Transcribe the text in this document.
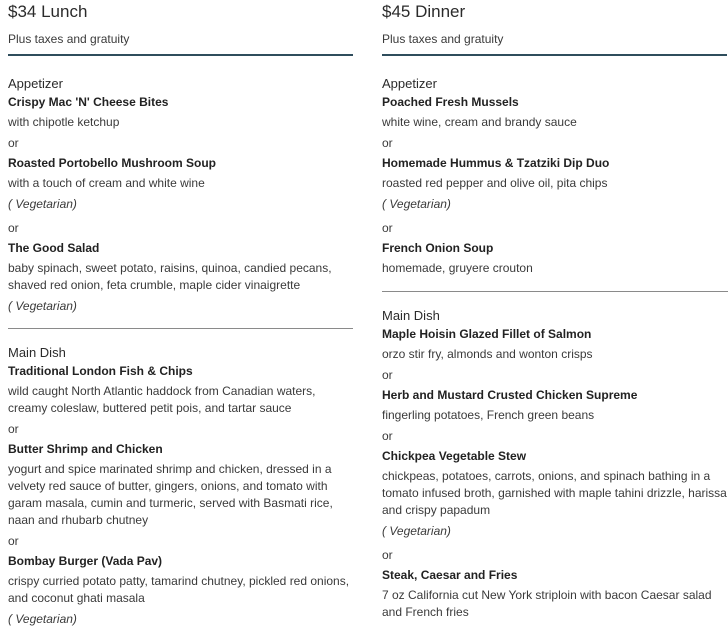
$34 Lunch
Plus taxes and gratuity
Appetizer
Crispy Mac 'N' Cheese Bites
with chipotle ketchup
or
Roasted Portobello Mushroom Soup
with a touch of cream and white wine
( Vegetarian)
or
The Good Salad
baby spinach, sweet potato, raisins, quinoa, candied pecans, shaved red onion, feta crumble, maple cider vinaigrette
( Vegetarian)
Main Dish
Traditional London Fish & Chips
wild caught North Atlantic haddock from Canadian waters, creamy coleslaw, buttered petit pois, and tartar sauce
or
Butter Shrimp and Chicken
yogurt and spice marinated shrimp and chicken, dressed in a velvety red sauce of butter, gingers, onions, and tomato with garam masala, cumin and turmeric, served with Basmati rice, naan and rhubarb chutney
or
Bombay Burger (Vada Pav)
crispy curried potato patty, tamarind chutney, pickled red onions, and coconut ghati masala
( Vegetarian)
$45 Dinner
Plus taxes and gratuity
Appetizer
Poached Fresh Mussels
white wine, cream and brandy sauce
or
Homemade Hummus & Tzatziki Dip Duo
roasted red pepper and olive oil, pita chips
( Vegetarian)
or
French Onion Soup
homemade, gruyere crouton
Main Dish
Maple Hoisin Glazed Fillet of Salmon
orzo stir fry, almonds and wonton crisps
or
Herb and Mustard Crusted Chicken Supreme
fingerling potatoes, French green beans
or
Chickpea Vegetable Stew
chickpeas, potatoes, carrots, onions, and spinach bathing in a tomato infused broth, garnished with maple tahini drizzle, harissa and crispy papadum
( Vegetarian)
or
Steak, Caesar and Fries
7 oz California cut New York striploin with bacon Caesar salad and French fries
